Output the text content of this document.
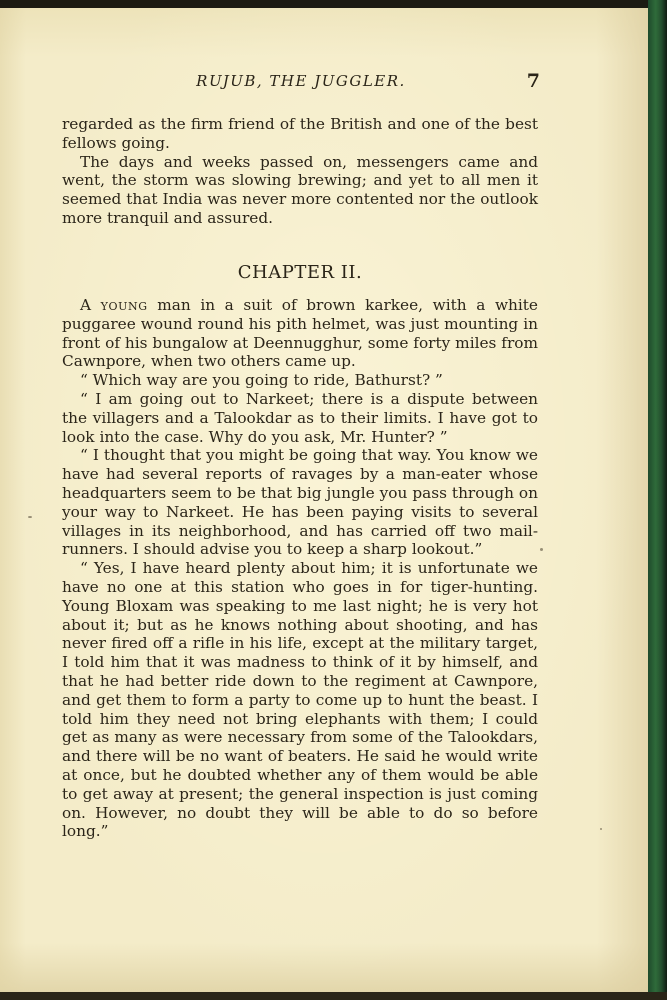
RUJUB, THE JUGGLER.	7

regarded as the firm friend of the British and one of the best fellows going.

The days and weeks passed on, messengers came and went, the storm was slowing brewing; and yet to all men it seemed that India was never more contented nor the outlook more tranquil and assured.

CHAPTER II.

A young man in a suit of brown karkee, with a white puggaree wound round his pith helmet, was just mounting in front of his bungalow at Deennugghur, some forty miles from Cawnpore, when two others came up.

“ Which way are you going to ride, Bathurst? ”

“ I am going out to Narkeet; there is a dispute between the villagers and a Talookdar as to their limits. I have got to look into the case. Why do you ask, Mr. Hunter? ”

“ I thought that you might be going that way. You know we have had several reports of ravages by a man-eater whose headquarters seem to be that big jungle you pass through on your way to Narkeet. He has been paying visits to several villages in its neighborhood, and has carried off two mail-runners. I should advise you to keep a sharp lookout.”

“ Yes, I have heard plenty about him; it is unfortunate we have no one at this station who goes in for tiger-hunting. Young Bloxam was speaking to me last night; he is very hot about it; but as he knows nothing about shooting, and has never fired off a rifle in his life, except at the military target, I told him that it was madness to think of it by himself, and that he had better ride down to the regiment at Cawnpore, and get them to form a party to come up to hunt the beast. I told him they need not bring elephants with them; I could get as many as were necessary from some of the Talookdars, and there will be no want of beaters. He said he would write at once, but he doubted whether any of them would be able to get away at present; the general inspection is just coming on. However, no doubt they will be able to do so before long.”
